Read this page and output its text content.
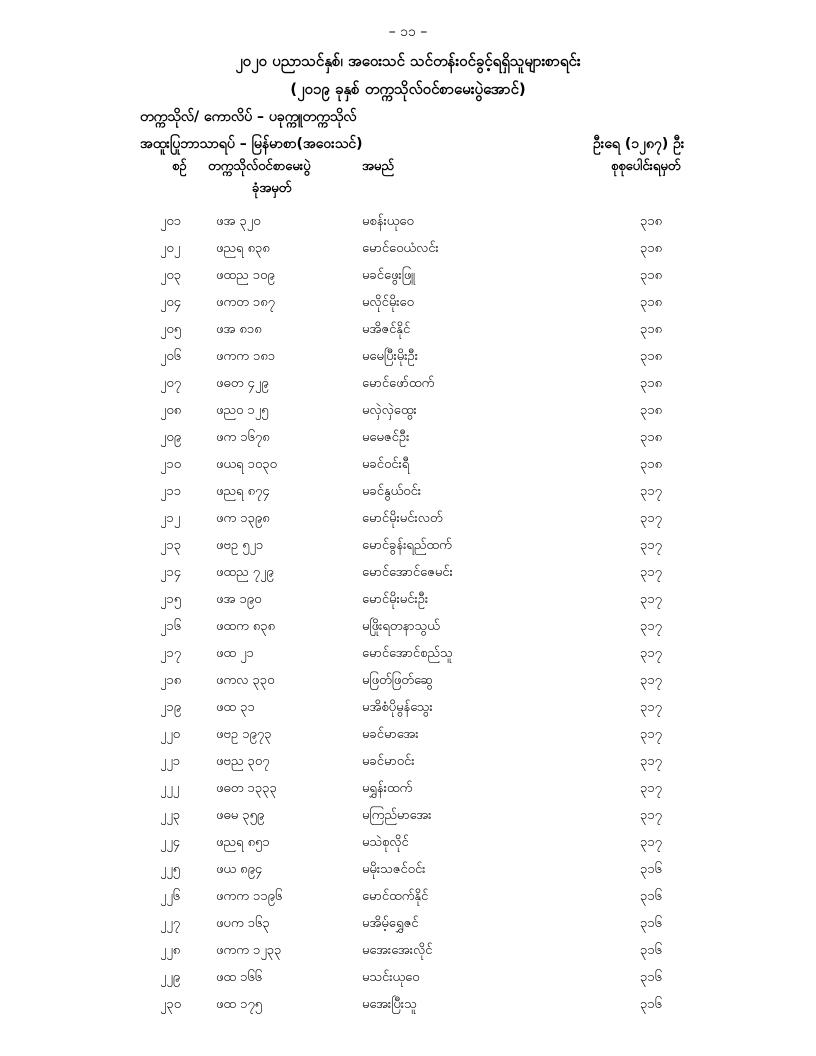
– ၁၁ –
၂၀၂၀ ပညာသင်နှစ်၊ အဝေးသင် သင်တန်းဝင်ခွင့်ရရှိသူများစာရင်း
(၂၀၁၉ ခုနှစ် တက္ကသိုလ်ဝင်စာမေးပွဲအောင်)
တက္ကသိုလ်/ ကောလိပ် – ပခုက္ကူတက္ကသိုလ်
အထူးပြုဘာသာရပ် – မြန်မာစာ(အဝေးသင်)	ဦးရေ (၁၂၈၇) ဦး
စဉ် တက္ကသိုလ်ဝင်စာမေးပွဲ
ခုံအမှတ်
အမည်	စုစုပေါင်းရမှတ်
၂၀၁	ဖအ ၃၂၀	မစန်းယုဝေ	၃၁၈
၂၀၂	ဖညရ ၈၃၈	မောင်ဝေယံလင်း	၃၁၈
၂၀၃	ဖထည ၁၀၉	မခင်ဖွေးဖြူ	၃၁၈
၂၀၄	ဖကတ ၁၈၇	မလိုင်မိုးဝေ	၃၁၈
၂၀၅	ဖအ ၈၁၈	မအိဇင်နိုင်	၃၁၈
၂၀၆	ဖကက ၁၈၁	မမေပြီးမိုးဦး	၃၁၈
၂၀၇	ဖဓတ ၄၂၉	မောင်ဖော်ထက်	၃၁၈
၂၀၈	ဖညဝ ၁၂၅	မလှဲလှဲထွေး	၃၁၈
၂၀၉	ဖက ၁၆၇၈	မမေဇင်ဦး	၃၁၈
၂၁၀	ဖယရ ၁၀၃၀	မခင်ဝင်းရီ	၃၁၈
၂၁၁	ဖညရ ၈၇၄	မခင်နွယ်ဝင်း	၃၁၇
၂၁၂	ဖက ၁၃၉၈	မောင်မိုးမင်းလတ်	၃၁၇
၂၁၃	ဖဗဥ ၅၂၁	မောင်ခွန်းရည်ထက်	၃၁၇
၂၁၄	ဖထည ၇၂၉	မောင်အောင်ဇေမင်း	၃၁၇
၂၁၅	ဖအ ၁၉၀	မောင်မိုးမင်းဦး	၃၁၇
၂၁၆	ဖထက ၈၃၈	မဖြိုးရတနာသွယ်	၃၁၇
၂၁၇	ဖထ ၂၁	မောင်အောင်စည်သူ	၃၁၇
၂၁၈	ဖကလ ၃၃၀	မဖြတ်ဖြတ်ဆွေ	၃၁၇
၂၁၉	ဖထ ၃၁	မအိစံပိုမွန်သွေး	၃၁၇
၂၂၀	ဖဗဥ ၁၉၇၃	မခင်မာအေး	၃၁၇
၂၂၁	ဖဗည ၃၀၇	မခင်မာဝင်း	၃၁၇
၂၂၂	ဖဓတ ၁၃၃၃	မရွှန်းထက်	၃၁၇
၂၂၃	ဖဓမ ၃၅၉	မကြည်မာအေး	၃၁၇
၂၂၄	ဖညရ ၈၅၁	မသဲစုလိုင်	၃၁၇
၂၂၅	ဖယ ၈၉၄	မမိုးသဇင်ဝင်း	၃၁၆
၂၂၆	ဖကက ၁၁၉၆	မောင်ထက်နိုင်	၃၁၆
၂၂၇	ဖပက ၁၆၃	မအိမ့်ရွှေဇင်	၃၁၆
၂၂၈	ဖကက ၁၂၃၃	မအေးအေးလိုင်	၃၁၆
၂၂၉	ဖထ ၁၆၆	မသင်းယုဝေ	၃၁၆
၂၃၀	ဖထ ၁၇၅	မအေးပြီးသူ	၃၁၆
